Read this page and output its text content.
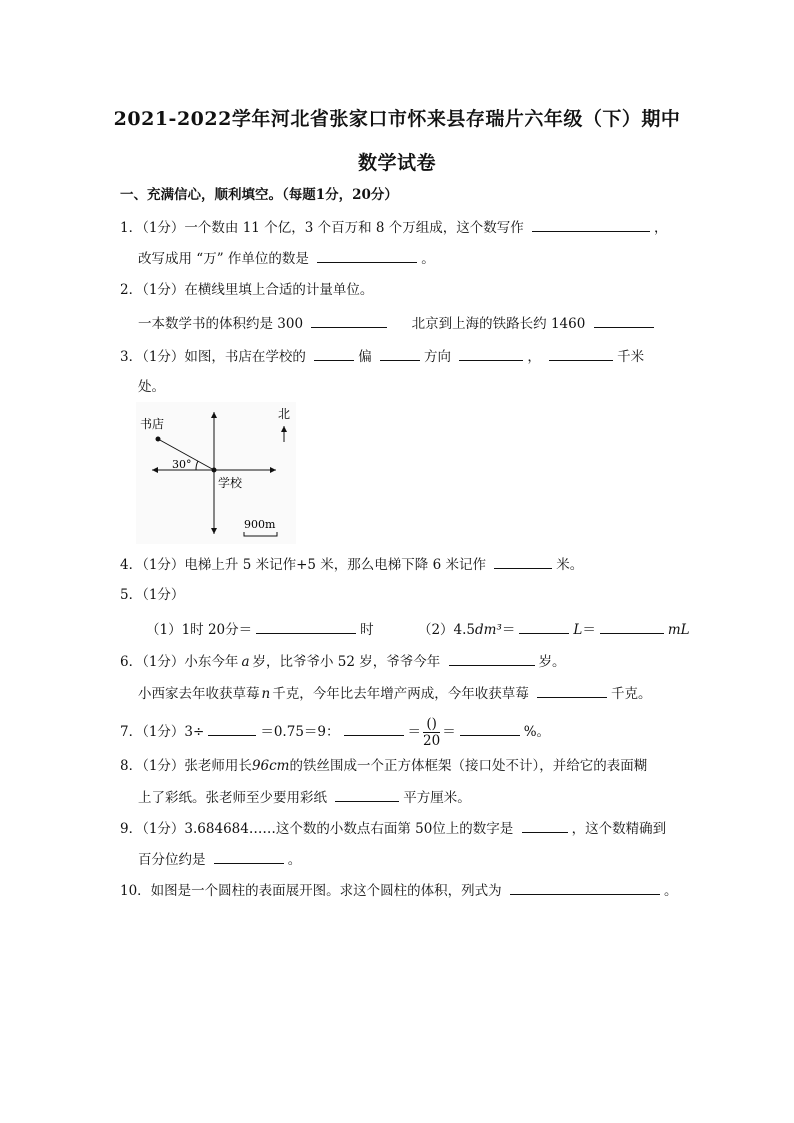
2021-2022学年河北省张家口市怀来县存瑞片六年级（下）期中
数学试卷
一、充满信心，顺利填空。（每题1分，20分）
1．（1分）一个数由 11 个亿，3 个百万和 8 个万组成，这个数写作	，
改写成用 “万” 作单位的数是	。
2．（1分）在横线里填上合适的计量单位。
一本数学书的体积约是 300	北京到上海的铁路长约 1460
3．（1分）如图，书店在学校的	偏	方向	，	千米
处。
30°
书店
学校
北
900m
4．（1分）电梯上升 5 米记作+5 米，那么电梯下降 6 米记作	米。
5．（1分）
（1）1时 20分＝	时	（2）4.5dm³＝	L＝	mL
6．（1分）小东今年 a 岁，比爷爷小 52 岁，爷爷今年	岁。
小西家去年收获草莓 n 千克，今年比去年增产两成，今年收获草莓	千克。
7．（1分）3÷	＝0.75＝9：	＝ $\frac{()}{20}$ ＝	%。
8．（1分）张老师用长96cm的铁丝围成一个正方体框架（接口处不计），并给它的表面糊
上了彩纸。张老师至少要用彩纸	平方厘米。
9．（1分）3.684684……这个数的小数点右面第 50位上的数字是	，这个数精确到
百分位约是	。
10．如图是一个圆柱的表面展开图。求这个圆柱的体积，列式为	。
